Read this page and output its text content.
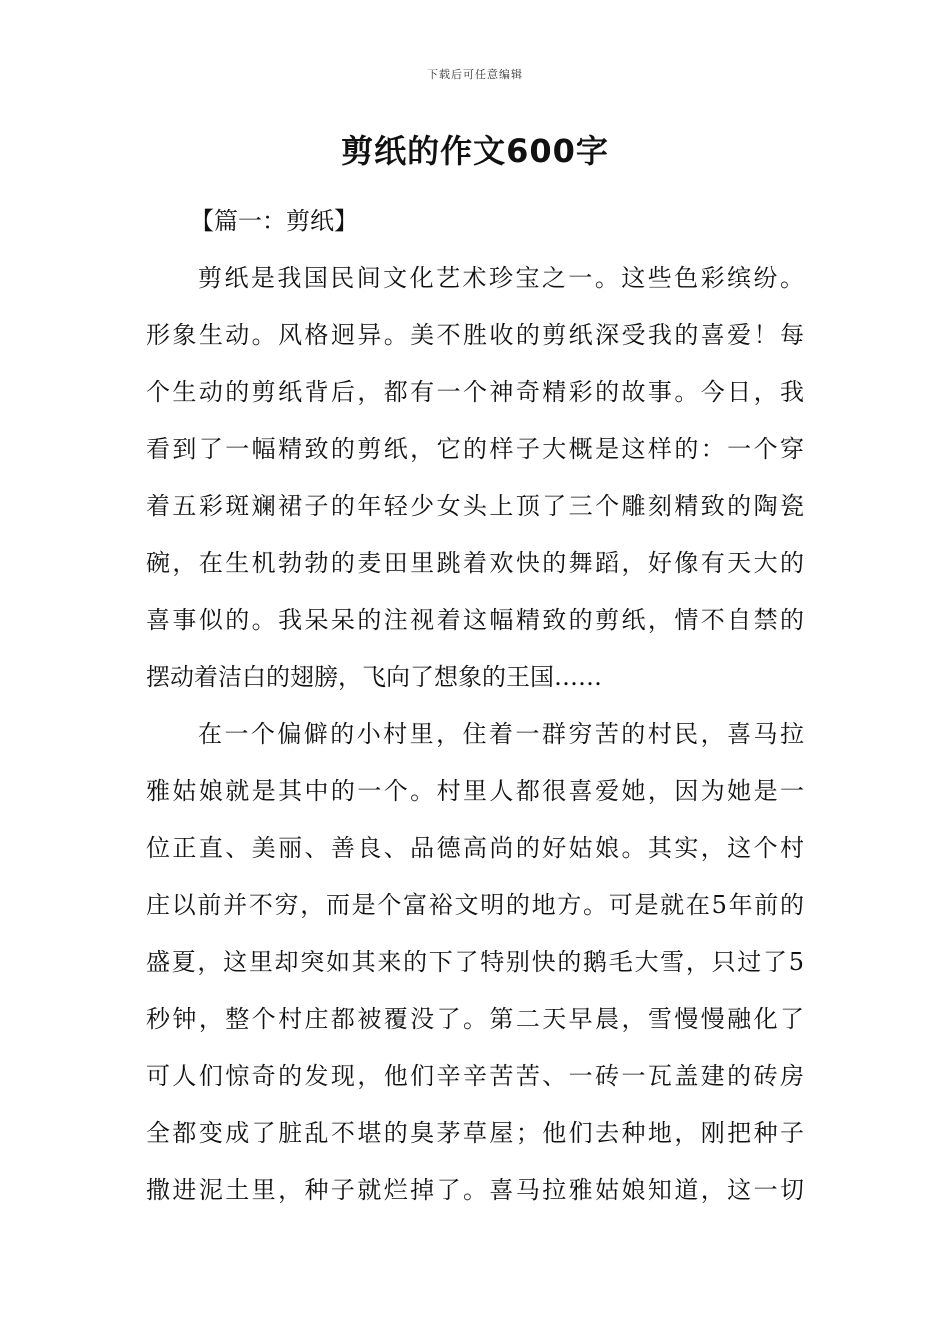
下载后可任意编辑
剪纸的作文600字

【篇一：剪纸】

剪纸是我国民间文化艺术珍宝之一。这些色彩缤纷。

形象生动。风格迥异。美不胜收的剪纸深受我的喜爱！每

个生动的剪纸背后，都有一个神奇精彩的故事。今日，我

看到了一幅精致的剪纸，它的样子大概是这样的：一个穿

着五彩斑斓裙子的年轻少女头上顶了三个雕刻精致的陶瓷

碗，在生机勃勃的麦田里跳着欢快的舞蹈，好像有天大的

喜事似的。我呆呆的注视着这幅精致的剪纸，情不自禁的

摆动着洁白的翅膀，飞向了想象的王国……

在一个偏僻的小村里，住着一群穷苦的村民，喜马拉

雅姑娘就是其中的一个。村里人都很喜爱她，因为她是一

位正直、美丽、善良、品德高尚的好姑娘。其实，这个村

庄以前并不穷，而是个富裕文明的地方。可是就在5年前的

盛夏，这里却突如其来的下了特别快的鹅毛大雪，只过了5

秒钟，整个村庄都被覆没了。第二天早晨，雪慢慢融化了

可人们惊奇的发现，他们辛辛苦苦、一砖一瓦盖建的砖房

全都变成了脏乱不堪的臭茅草屋；他们去种地，刚把种子

撒进泥土里，种子就烂掉了。喜马拉雅姑娘知道，这一切
